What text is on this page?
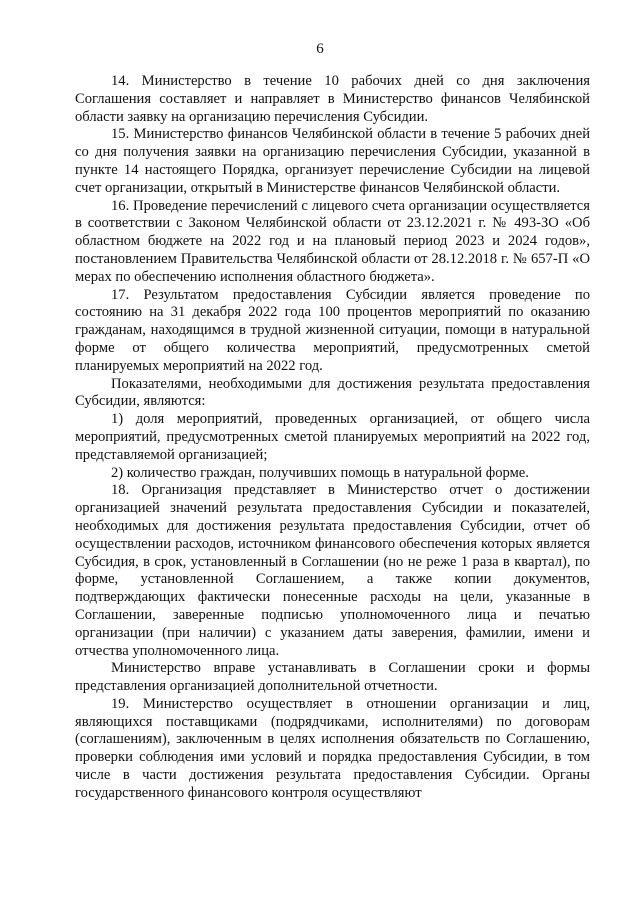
6

14. Министерство в течение 10 рабочих дней со дня заключения Соглашения составляет и направляет в Министерство финансов Челябинской области заявку на организацию перечисления Субсидии.

15. Министерство финансов Челябинской области в течение 5 рабочих дней со дня получения заявки на организацию перечисления Субсидии, указанной в пункте 14 настоящего Порядка, организует перечисление Субсидии на лицевой счет организации, открытый в Министерстве финансов Челябинской области.

16. Проведение перечислений с лицевого счета организации осуществляется в соответствии с Законом Челябинской области от 23.12.2021 г. № 493-ЗО «Об областном бюджете на 2022 год и на плановый период 2023 и 2024 годов», постановлением Правительства Челябинской области от 28.12.2018 г. № 657-П «О мерах по обеспечению исполнения областного бюджета».

17. Результатом предоставления Субсидии является проведение по состоянию на 31 декабря 2022 года 100 процентов мероприятий по оказанию гражданам, находящимся в трудной жизненной ситуации, помощи в натуральной форме от общего количества мероприятий, предусмотренных сметой планируемых мероприятий на 2022 год.

Показателями, необходимыми для достижения результата предоставления Субсидии, являются:

1) доля мероприятий, проведенных организацией, от общего числа мероприятий, предусмотренных сметой планируемых мероприятий на 2022 год, представляемой организацией;

2) количество граждан, получивших помощь в натуральной форме.

18. Организация представляет в Министерство отчет о достижении организацией значений результата предоставления Субсидии и показателей, необходимых для достижения результата предоставления Субсидии, отчет об осуществлении расходов, источником финансового обеспечения которых является Субсидия, в срок, установленный в Соглашении (но не реже 1 раза в квартал), по форме, установленной Соглашением, а также копии документов, подтверждающих фактически понесенные расходы на цели, указанные в Соглашении, заверенные подписью уполномоченного лица и печатью организации (при наличии) с указанием даты заверения, фамилии, имени и отчества уполномоченного лица.

Министерство вправе устанавливать в Соглашении сроки и формы представления организацией дополнительной отчетности.

19. Министерство осуществляет в отношении организации и лиц, являющихся поставщиками (подрядчиками, исполнителями) по договорам (соглашениям), заключенным в целях исполнения обязательств по Соглашению, проверки соблюдения ими условий и порядка предоставления Субсидии, в том числе в части достижения результата предоставления Субсидии. Органы государственного финансового контроля осуществляют
